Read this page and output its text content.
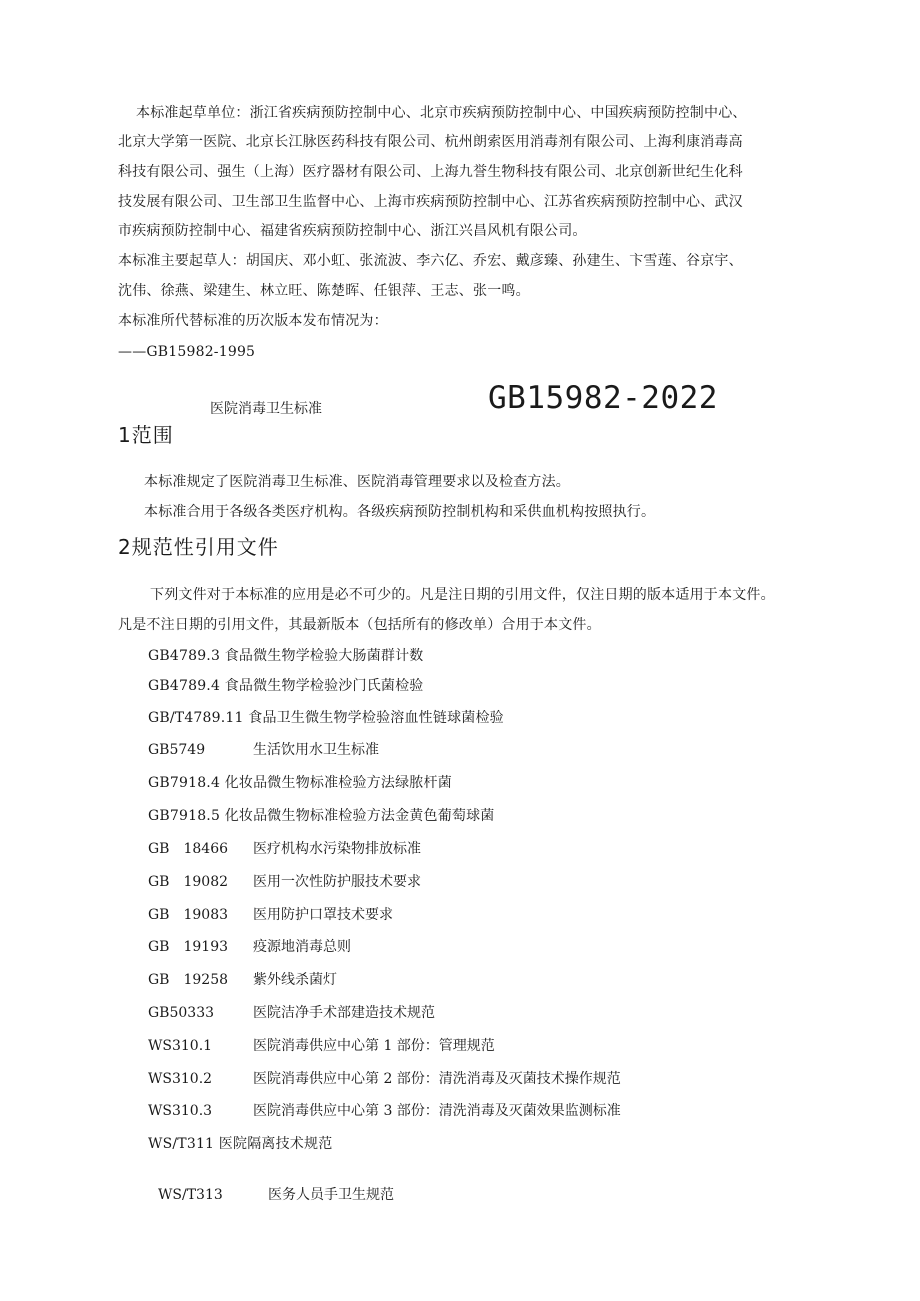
本标准起草单位：浙江省疾病预防控制中心、北京市疾病预防控制中心、中国疾病预防控制中心、
北京大学第一医院、北京长江脉医药科技有限公司、杭州朗索医用消毒剂有限公司、上海利康消毒高
科技有限公司、强生（上海）医疗器材有限公司、上海九誉生物科技有限公司、北京创新世纪生化科
技发展有限公司、卫生部卫生监督中心、上海市疾病预防控制中心、江苏省疾病预防控制中心、武汉
市疾病预防控制中心、福建省疾病预防控制中心、浙江兴昌风机有限公司。
本标准主要起草人：胡国庆、邓小虹、张流波、李六亿、乔宏、戴彦臻、孙建生、卞雪莲、谷京宇、
沈伟、徐燕、梁建生、林立旺、陈楚晖、任银萍、王志、张一鸣。
本标准所代替标准的历次版本发布情况为：
——GB15982-1995
医院消毒卫生标准	GB15982-2022
1范围
本标准规定了医院消毒卫生标准、医院消毒管理要求以及检查方法。
本标准合用于各级各类医疗机构。各级疾病预防控制机构和采供血机构按照执行。
2规范性引用文件
下列文件对于本标准的应用是必不可少的。凡是注日期的引用文件，仅注日期的版本适用于本文件。
凡是不注日期的引用文件，其最新版本（包括所有的修改单）合用于本文件。
GB4789.3 食品微生物学检验大肠菌群计数
GB4789.4 食品微生物学检验沙门氏菌检验
GB/T4789.11 食品卫生微生物学检验溶血性链球菌检验
GB5749	生活饮用水卫生标准
GB7918.4 化妆品微生物标准检验方法绿脓杆菌
GB7918.5 化妆品微生物标准检验方法金黄色葡萄球菌
GB　18466 医疗机构水污染物排放标准
GB　19082 医用一次性防护服技术要求
GB　19083 医用防护口罩技术要求
GB　19193 疫源地消毒总则
GB　19258 紫外线杀菌灯
GB50333	医院洁净手术部建造技术规范
WS310.1	医院消毒供应中心第 1 部份：管理规范
WS310.2	医院消毒供应中心第 2 部份：清洗消毒及灭菌技术操作规范
WS310.3	医院消毒供应中心第 3 部份：清洗消毒及灭菌效果监测标准
WS/T311 医院隔离技术规范
WS/T313	医务人员手卫生规范
